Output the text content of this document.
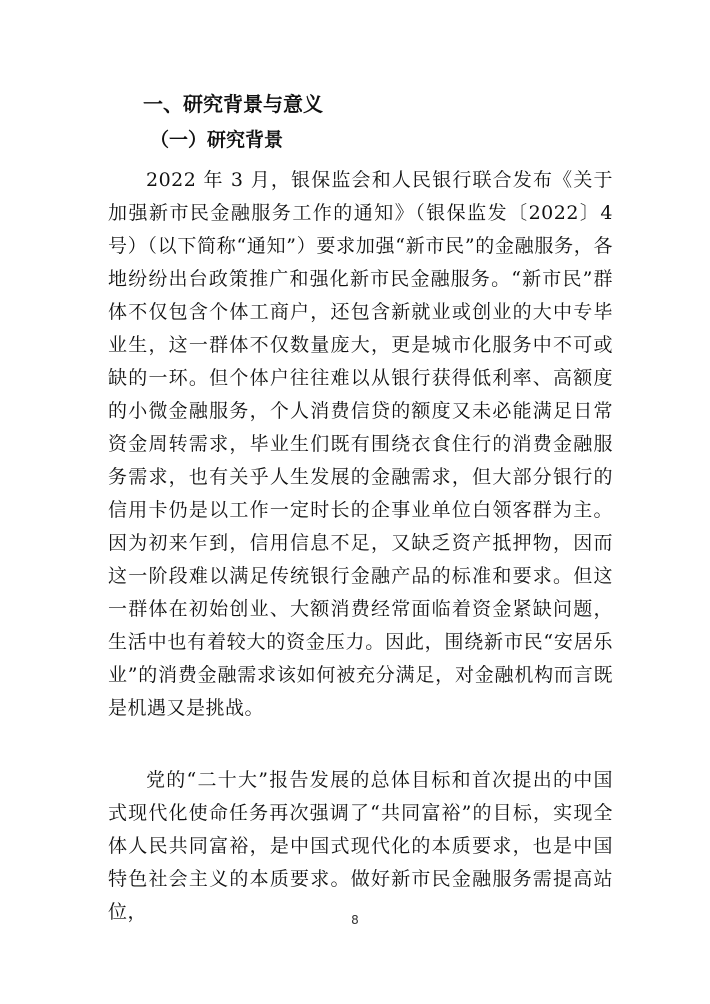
一、研究背景与意义
（一）研究背景

2022 年 3 月，银保监会和人民银行联合发布《关于加强新市民金融服务工作的通知》（银保监发〔2022〕4 号）（以下简称“通知”）要求加强“新市民”的金融服务，各地纷纷出台政策推广和强化新市民金融服务。“新市民”群体不仅包含个体工商户，还包含新就业或创业的大中专毕业生，这一群体不仅数量庞大，更是城市化服务中不可或缺的一环。但个体户往往难以从银行获得低利率、高额度的小微金融服务，个人消费信贷的额度又未必能满足日常资金周转需求，毕业生们既有围绕衣食住行的消费金融服务需求，也有关乎人生发展的金融需求，但大部分银行的信用卡仍是以工作一定时长的企事业单位白领客群为主。因为初来乍到，信用信息不足，又缺乏资产抵押物，因而这一阶段难以满足传统银行金融产品的标准和要求。但这一群体在初始创业、大额消费经常面临着资金紧缺问题，生活中也有着较大的资金压力。因此，围绕新市民“安居乐业”的消费金融需求该如何被充分满足，对金融机构而言既是机遇又是挑战。

党的“二十大”报告发展的总体目标和首次提出的中国式现代化使命任务再次强调了“共同富裕”的目标，实现全体人民共同富裕，是中国式现代化的本质要求，也是中国特色社会主义的本质要求。做好新市民金融服务需提高站位，	8
